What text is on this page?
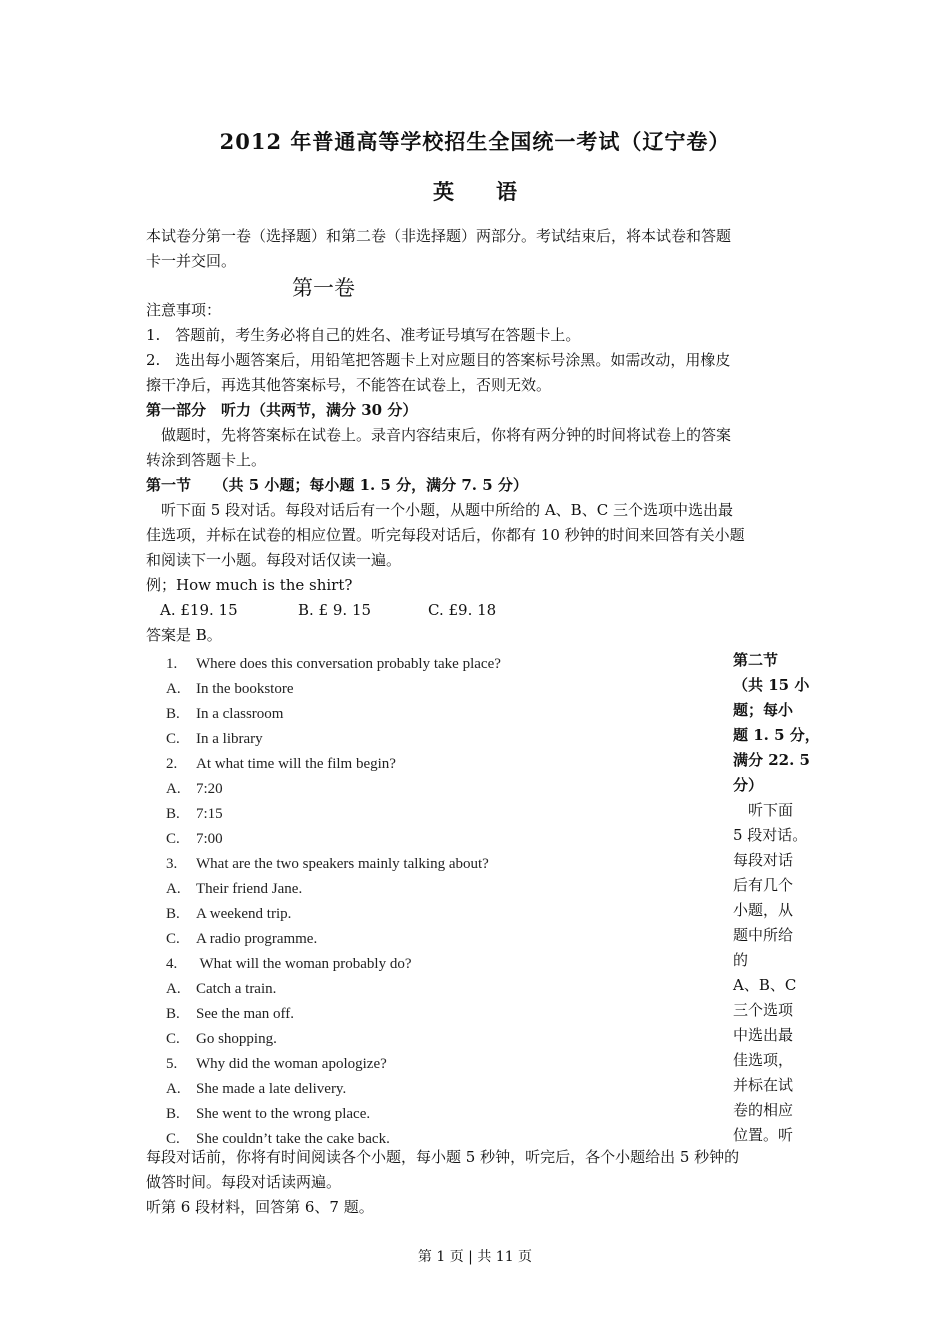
2012 年普通高等学校招生全国统一考试（辽宁卷）
英　　语
本试卷分第一卷（选择题）和第二卷（非选择题）两部分。考试结束后，将本试卷和答题
卡一并交回。
第一卷
注意事项：
1.　答题前，考生务必将自己的姓名、准考证号填写在答题卡上。
2.　选出每小题答案后，用铅笔把答题卡上对应题目的答案标号涂黑。如需改动，用橡皮
擦干净后，再选其他答案标号，不能答在试卷上，否则无效。
第一部分　听力（共两节，满分 30 分）
　做题时，先将答案标在试卷上。录音内容结束后，你将有两分钟的时间将试卷上的答案
转涂到答题卡上。
第一节　　（共 5 小题；每小题 1. 5 分，满分 7. 5 分）
　听下面 5 段对话。每段对话后有一个小题，从题中所给的 A、B、C 三个选项中选出最
佳选项，并标在试卷的相应位置。听完每段对话后，你都有 10 秒钟的时间来回答有关小题
和阅读下一小题。每段对话仅读一遍。
例；How much is the shirt?
A. £19. 15	B. £ 9. 15	C. £9. 18
答案是 B。
1. Where does this conversation probably take place?
A. In the bookstore
B. In a classroom
C. In a library
2. At what time will the film begin?
A. 7:20
B. 7:15
C. 7:00
3. What are the two speakers mainly talking about?
A. Their friend Jane.
B. A weekend trip.
C. A radio programme.
4. What will the woman probably do?
A. Catch a train.
B. See the man off.
C. Go shopping.
5. Why did the woman apologize?
A. She made a late delivery.
B. She went to the wrong place.
C. She couldn’t take the cake back.
第二节
（共 15 小
题；每小
题 1. 5 分，
满分 22. 5
分）
　听下面
5 段对话。
每段对话
后有几个
小题，从
题中所给
的
A、B、C
三个选项
中选出最
佳选项，
并标在试
卷的相应
位置。听
每段对话前，你将有时间阅读各个小题，每小题 5 秒钟，听完后，各个小题给出 5 秒钟的
做答时间。每段对话读两遍。
听第 6 段材料，回答第 6、7 题。
第 1 页 | 共 11 页
